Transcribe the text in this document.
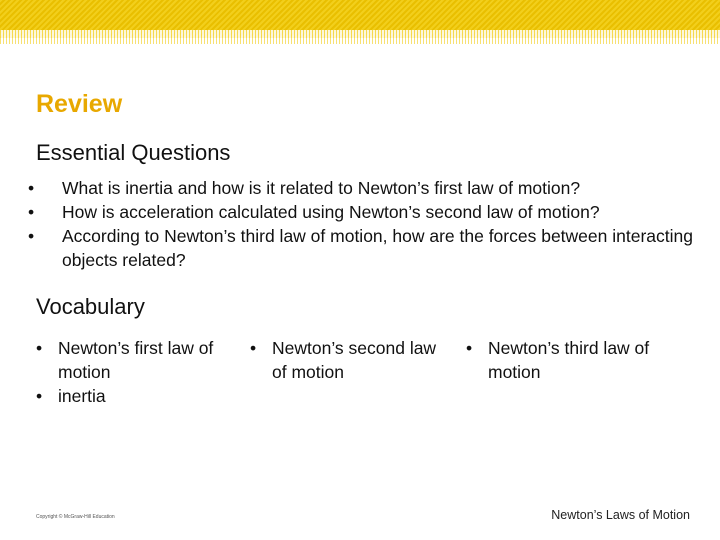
Review
Essential Questions
• What is inertia and how is it related to Newton’s first law of motion?
• How is acceleration calculated using Newton’s second law of motion?
• According to Newton’s third law of motion, how are the forces between interacting objects related?
Vocabulary
• Newton’s first law of motion
• inertia
• Newton’s second law of motion
• Newton’s third law of motion
Copyright © McGraw-Hill Education	Newton’s Laws of Motion
